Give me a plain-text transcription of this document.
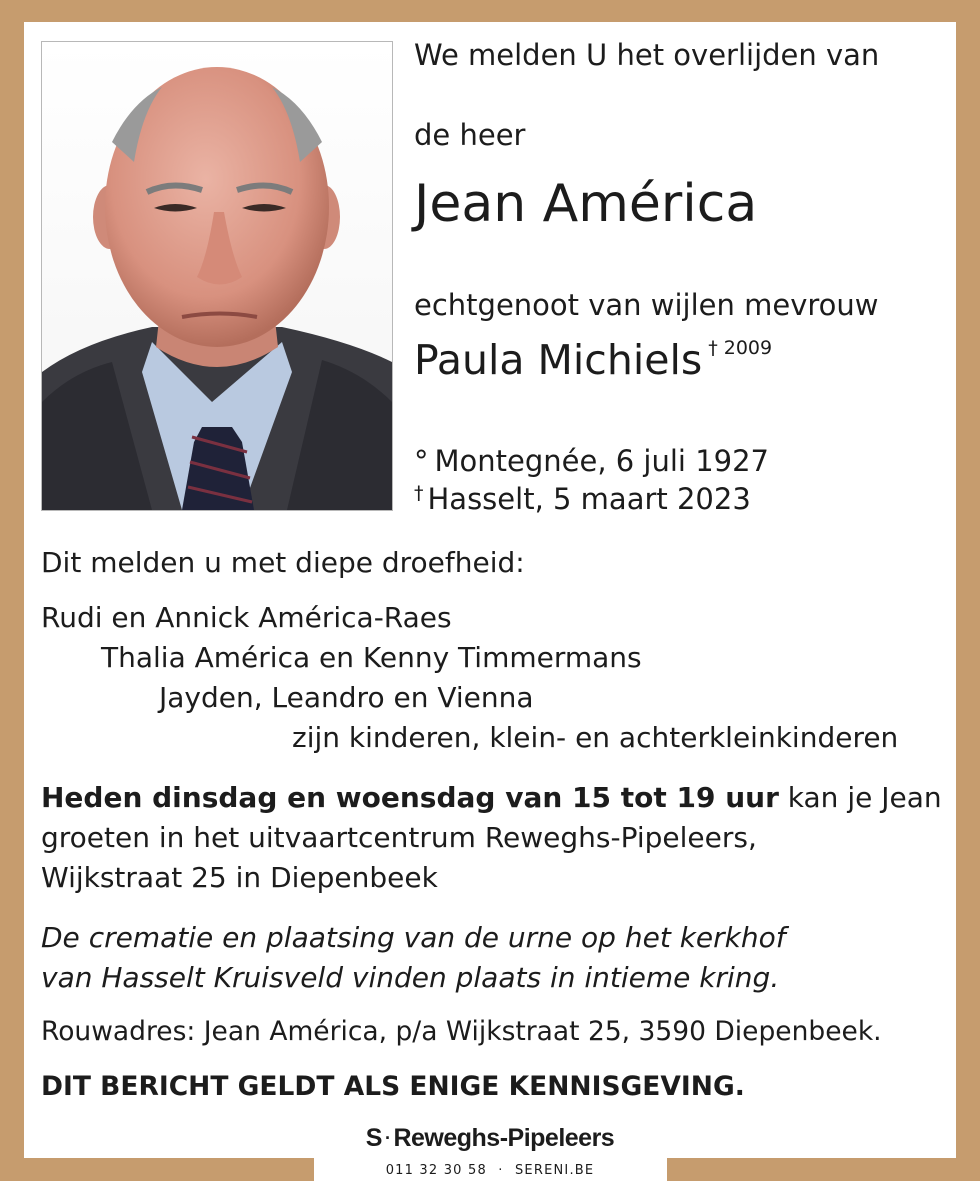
We melden U het overlijden van
de heer
Jean América
echtgenoot van wijlen mevrouw
Paula Michiels † 2009
° Montegnée, 6 juli 1927
† Hasselt, 5 maart 2023
Dit melden u met diepe droefheid:
Rudi en Annick América-Raes
Thalia América en Kenny Timmermans
Jayden, Leandro en Vienna
zijn kinderen, klein- en achterkleinkinderen
Heden dinsdag en woensdag van 15 tot 19 uur kan je Jean
groeten in het uitvaartcentrum Reweghs-Pipeleers,
Wijkstraat 25 in Diepenbeek
De crematie en plaatsing van de urne op het kerkhof
van Hasselt Kruisveld vinden plaats in intieme kring.
Rouwadres: Jean América, p/a Wijkstraat 25, 3590 Diepenbeek.
DIT BERICHT GELDT ALS ENIGE KENNISGEVING.
S · Reweghs-Pipeleers
011 32 30 58 · SERENI.BE
